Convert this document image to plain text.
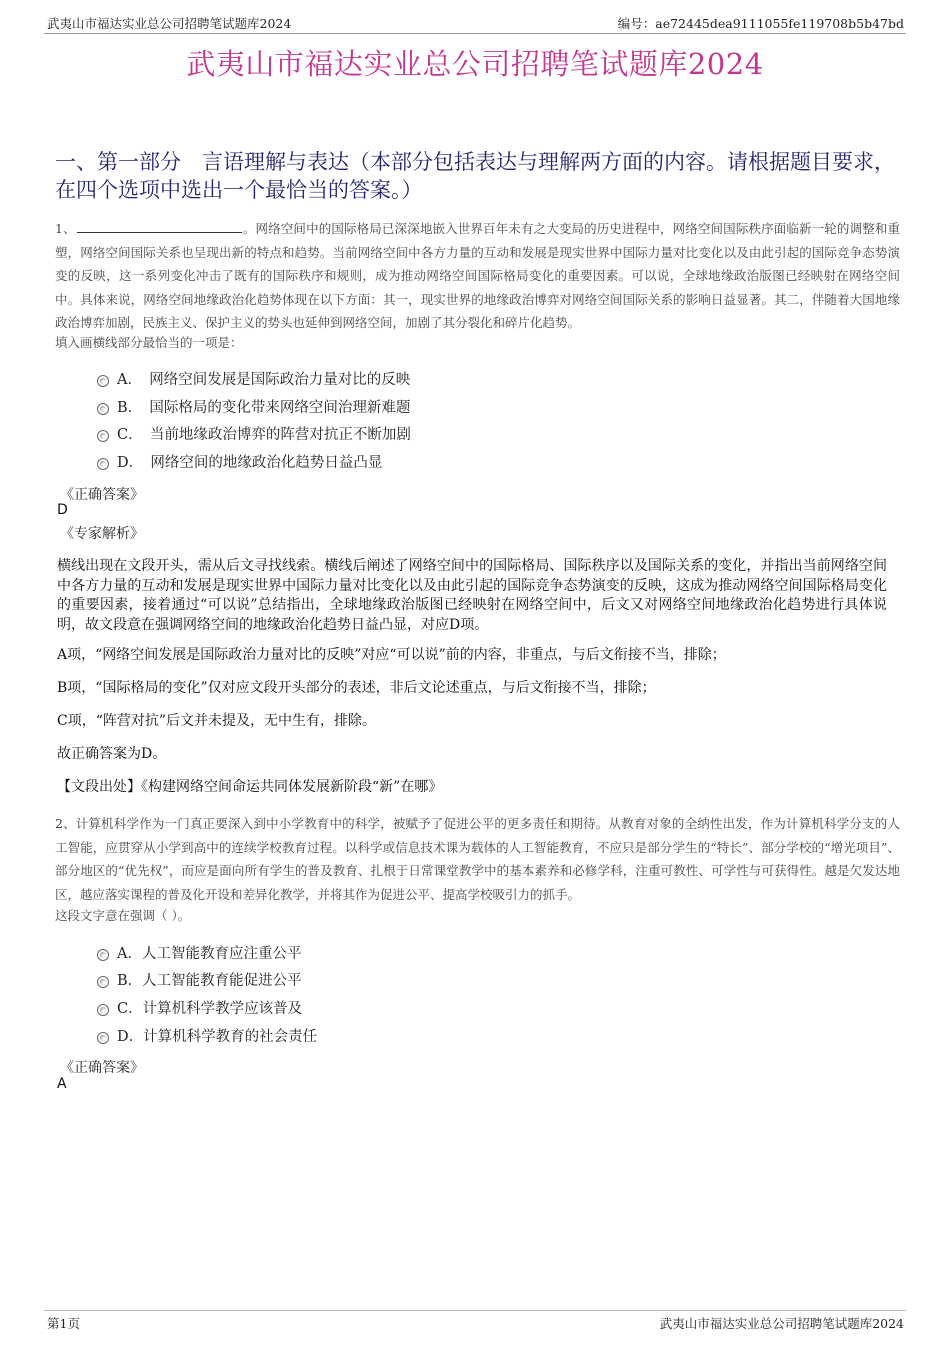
武夷山市福达实业总公司招聘笔试题库2024	编号：ae72445dea9111055fe119708b5b47bd
武夷山市福达实业总公司招聘笔试题库2024
一、第一部分　言语理解与表达（本部分包括表达与理解两方面的内容。请根据题目要求，在四个选项中选出一个最恰当的答案。）
1、	。网络空间中的国际格局已深深地嵌入世界百年未有之大变局的历史进程中，网络空间国际秩序面临新一轮的调整和重塑，网络空间国际关系也呈现出新的特点和趋势。当前网络空间中各方力量的互动和发展是现实世界中国际力量对比变化以及由此引起的国际竞争态势演变的反映，这一系列变化冲击了既有的国际秩序和规则，成为推动网络空间国际格局变化的重要因素。可以说，全球地缘政治版图已经映射在网络空间中。具体来说，网络空间地缘政治化趋势体现在以下方面：其一，现实世界的地缘政治博弈对网络空间国际关系的影响日益显著。其二，伴随着大国地缘政治博弈加剧，民族主义、保护主义的势头也延伸到网络空间，加剧了其分裂化和碎片化趋势。
填入画横线部分最恰当的一项是：
A．　网络空间发展是国际政治力量对比的反映
B．　国际格局的变化带来网络空间治理新难题
C．　当前地缘政治博弈的阵营对抗正不断加剧
D．　网络空间的地缘政治化趋势日益凸显
《正确答案》
D
《专家解析》
横线出现在文段开头，需从后文寻找线索。横线后阐述了网络空间中的国际格局、国际秩序以及国际关系的变化，并指出当前网络空间中各方力量的互动和发展是现实世界中国际力量对比变化以及由此引起的国际竞争态势演变的反映，这成为推动网络空间国际格局变化的重要因素，接着通过“可以说”总结指出，全球地缘政治版图已经映射在网络空间中，后文又对网络空间地缘政治化趋势进行具体说明，故文段意在强调网络空间的地缘政治化趋势日益凸显，对应D项。
A项，“网络空间发展是国际政治力量对比的反映”对应“可以说”前的内容，非重点，与后文衔接不当，排除；
B项，“国际格局的变化”仅对应文段开头部分的表述，非后文论述重点，与后文衔接不当，排除；
C项，“阵营对抗”后文并未提及，无中生有，排除。
故正确答案为D。
【文段出处】《构建网络空间命运共同体发展新阶段“新”在哪》
2、计算机科学作为一门真正要深入到中小学教育中的科学，被赋予了促进公平的更多责任和期待。从教育对象的全纳性出发，作为计算机科学分支的人工智能，应贯穿从小学到高中的连续学校教育过程。以科学或信息技术课为载体的人工智能教育，不应只是部分学生的“特长”、部分学校的“增光项目”、部分地区的“优先权”，而应是面向所有学生的普及教育、扎根于日常课堂教学中的基本素养和必修学科，注重可教性、可学性与可获得性。越是欠发达地区，越应落实课程的普及化开设和差异化教学，并将其作为促进公平、提高学校吸引力的抓手。
这段文字意在强调（ ）。
A．人工智能教育应注重公平
B．人工智能教育能促进公平
C．计算机科学教学应该普及
D．计算机科学教育的社会责任
《正确答案》
A
第1页	武夷山市福达实业总公司招聘笔试题库2024
